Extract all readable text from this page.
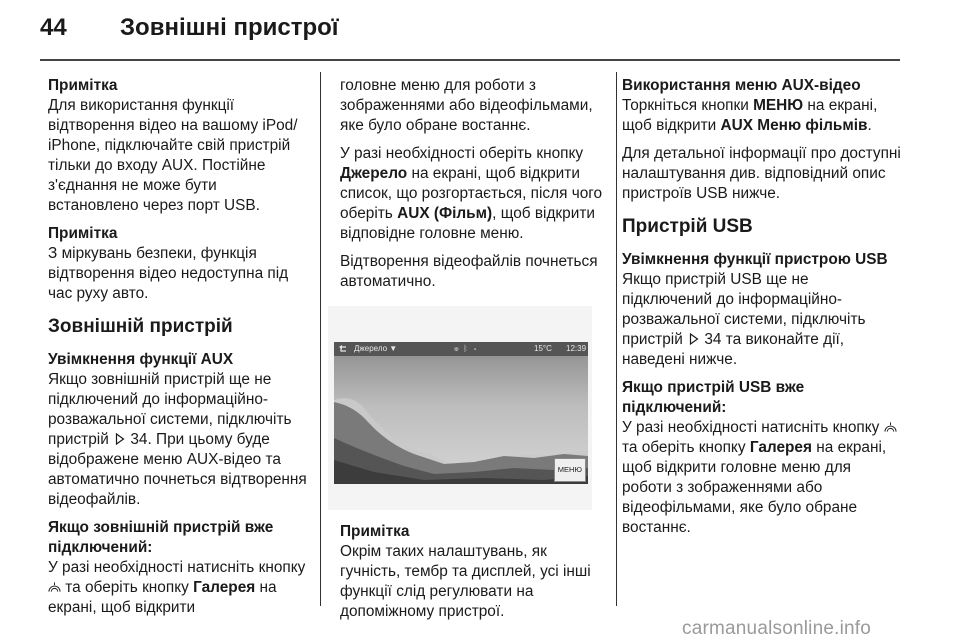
44 Зовнішні пристрої

Примітка
Для використання функції відтворення відео на вашому iPod/ iPhone, підключайте свій пристрій тільки до входу AUX. Постійне з'єднання не може бути встановлено через порт USB.

Примітка
З міркувань безпеки, функція відтворення відео недоступна під час руху авто.

Зовнішній пристрій
Увімкнення функції AUX

Якщо зовнішній пристрій ще не підключений до інформаційно-розважальної системи, підключіть пристрій  34. При цьому буде відображене меню AUX-відео та автоматично почнеться відтворення відеофайлів.

Якщо зовнішній пристрій вже підключений:

У разі необхідності натисніть кнопку  та оберіть кнопку Галерея на екрані, щоб відкрити

головне меню для роботи з зображеннями або відеофільмами, яке було обране востаннє.

У разі необхідності оберіть кнопку Джерело на екрані, щоб відкрити список, що розгортається, після чого оберіть AUX (Фільм), щоб відкрити відповідне головне меню.

Відтворення відеофайлів почнеться автоматично.

Джерело ▼	☏ ᛒ ◂	15°C 12:39
МЕНЮ

Примітка
Окрім таких налаштувань, як гучність, тембр та дисплей, усі інші функції слід регулювати на допоміжному пристрої.

Використання меню AUX-відео

Торкніться кнопки МЕНЮ на екрані, щоб відкрити AUX Меню фільмів.

Для детальної інформації про доступні налаштування див. відповідний опис пристроїв USB нижче.

Пристрій USB
Увімкнення функції пристрою USB

Якщо пристрій USB ще не підключений до інформаційно-розважальної системи, підключіть пристрій  34 та виконайте дії, наведені нижче.

Якщо пристрій USB вже підключений:

У разі необхідності натисніть кнопку  та оберіть кнопку Галерея на екрані, щоб відкрити головне меню для роботи з зображеннями або відеофільмами, яке було обране востаннє.

carmanualsonline.info
